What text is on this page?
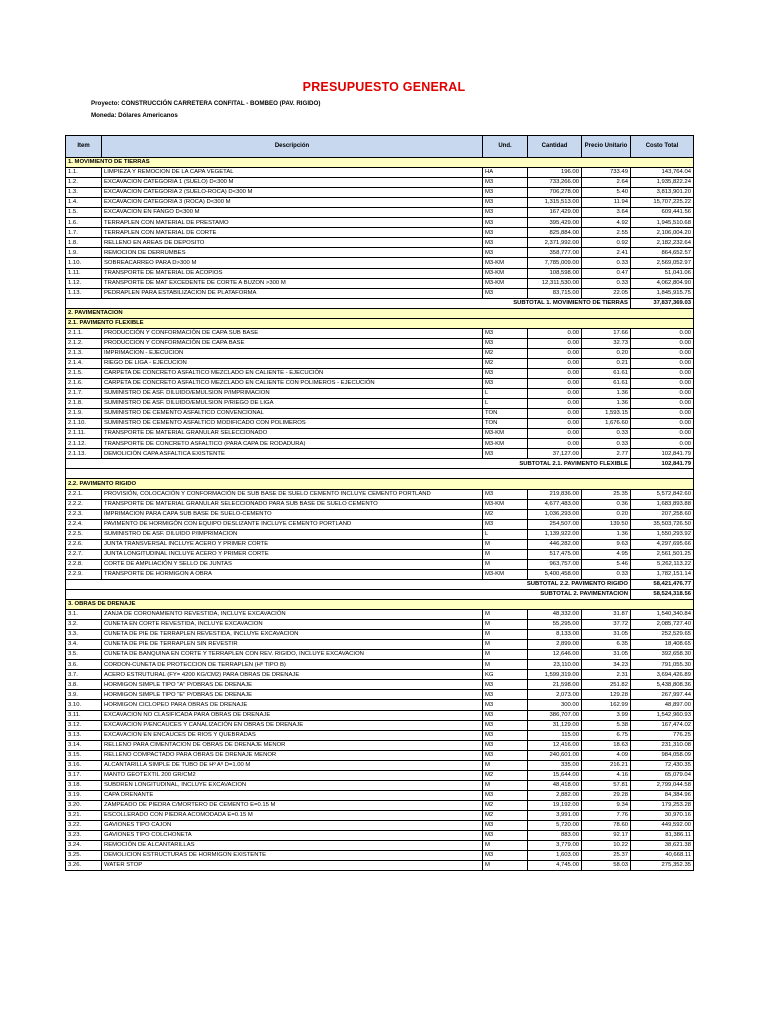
PRESUPUESTO GENERAL
Proyecto: CONSTRUCCIÓN CARRETERA CONFITAL - BOMBEO (PAV. RIGIDO)
Moneda: Dólares Americanos
Item	Descripción	Und.	Cantidad	Precio Unitario	Costo Total
1. MOVIMIENTO DE TIERRAS					
1.1.	LIMPIEZA Y REMOCION DE LA CAPA VEGETAL	HA	196.00	733.49	143,764.04
1.2.	EXCAVACION CATEGORIA 1 (SUELO) D<300 M	M3	733,266.00	2.64	1,935,822.24
1.3.	EXCAVACION CATEGORIA 2 (SUELO-ROCA) D<300 M	M3	706,278.00	5.40	3,813,901.20
1.4.	EXCAVACION CATEGORIA 3 (ROCA) D<300 M	M3	1,315,513.00	11.94	15,707,225.22
1.5.	EXCAVACION EN FANGO D<300 M	M3	167,429.00	3.64	609,441.56
1.6.	TERRAPLEN CON MATERIAL DE PRESTAMO	M3	395,429.00	4.92	1,945,510.68
1.7.	TERRAPLEN CON MATERIAL DE CORTE	M3	825,884.00	2.55	2,106,004.20
1.8.	RELLENO EN AREAS DE DEPOSITO	M3	2,371,992.00	0.92	2,182,232.64
1.9.	REMOCION DE DERRUMBES	M3	358,777.00	2.41	864,652.57
1.10.	SOBREACARREO PARA D>300 M	M3-KM	7,785,009.00	0.33	2,569,052.97
1.11.	TRANSPORTE DE MATERIAL DE ACOPIOS	M3-KM	108,598.00	0.47	51,041.06
1.12.	TRANSPORTE DE MAT EXCEDENTE DE CORTE A BUZON >300 M	M3-KM	12,311,530.00	0.33	4,062,804.90
1.13.	PEDRAPLEN PARA ESTABILIZACION DE PLATAFORMA	M3	83,715.00	22.05	1,845,915.75
		SUBTOTAL 1. MOVIMIENTO DE TIERRAS			37,837,369.03
2. PAVIMENTACION					
2.1. PAVIMENTO FLEXIBLE					
2.1.1.	PRODUCCIÓN Y CONFORMACIÓN DE CAPA SUB BASE	M3	0.00	17.66	0.00
2.1.2.	PRODUCCION Y CONFORMACIÓN DE CAPA BASE	M3	0.00	32.73	0.00
2.1.3.	IMPRIMACION - EJECUCION	M2	0.00	0.20	0.00
2.1.4.	RIEGO DE LIGA - EJECUCION	M2	0.00	0.21	0.00
2.1.5.	CARPETA DE CONCRETO ASFALTICO MEZCLADO EN CALIENTE - EJECUCIÓN	M3	0.00	61.61	0.00
2.1.6.	CARPETA DE CONCRETO ASFALTICO MEZCLADO EN CALIENTE CON POLIMEROS - EJECUCIÓN	M3	0.00	61.61	0.00
2.1.7.	SUMINISTRO DE ASF. DILUIDO/EMULSION P/IMPRIMACION	L	0.00	1.36	0.00
2.1.8.	SUMINISTRO DE ASF. DILUIDO/EMULSION P/RIEGO DE LIGA	L	0.00	1.36	0.00
2.1.9.	SUMINISTRO DE CEMENTO ASFALTICO CONVENCIONAL	TON	0.00	1,593.15	0.00
2.1.10.	SUMINISTRO DE CEMENTO ASFALTICO MODIFICADO CON POLIMEROS	TON	0.00	1,676.60	0.00
2.1.11.	TRANSPORTE DE MATERIAL GRANULAR SELECCIONADO	M3-KM	0.00	0.33	0.00
2.1.12.	TRANSPORTE DE CONCRETO ASFALTICO (PARA CAPA DE RODADURA)	M3-KM	0.00	0.33	0.00
2.1.13.	DEMOLICIÓN CAPA ASFALTICA EXISTENTE	M3	37,127.00	2.77	102,841.79
		SUBTOTAL 2.1. PAVIMENTO FLEXIBLE			102,841.79

2.2. PAVIMENTO RIGIDO					
2.2.1.	PROVISIÓN, COLOCACIÓN Y CONFORMACIÓN DE SUB BASE DE SUELO CEMENTO INCLUYE CEMENTO PORTLAND	M3	219,836.00	25.35	5,572,842.60
2.2.2.	TRANSPORTE DE MATERIAL GRANULAR SELECCIONADO PARA SUB BASE DE SUELO CEMENTO	M3-KM	4,677,483.00	0.36	1,683,893.88
2.2.3.	IMPRIMACION PARA CAPA SUB BASE DE SUELO-CEMENTO	M2	1,036,293.00	0.20	207,258.60
2.2.4.	PAVIMENTO DE HORMIGÓN CON EQUIPO DESLIZANTE INCLUYE CEMENTO PORTLAND	M3	254,507.00	139.50	35,503,726.50
2.2.5.	SUMINISTRO DE ASF. DILUIDO P/IMPRIMACION	L	1,139,922.00	1.36	1,550,293.92
2.2.6.	JUNTA TRANSVERSAL INCLUYE ACERO Y PRIMER CORTE	M	446,282.00	9.63	4,297,695.66
2.2.7.	JUNTA LONGITUDINAL INCLUYE ACERO Y PRIMER CORTE	M	517,475.00	4.95	2,561,501.25
2.2.8.	CORTE DE AMPLIACIÓN Y SELLO DE JUNTAS	M	963,757.00	5.46	5,262,113.22
2.2.9.	TRANSPORTE DE HORMIGON A OBRA	M3-KM	5,400,458.00	0.33	1,782,151.14
		SUBTOTAL 2.2. PAVIMENTO RIGIDO			58,421,476.77
		SUBTOTAL 2. PAVIMENTACION			58,524,318.56
3. OBRAS DE DRENAJE					
3.1.	ZANJA DE CORONAMIENTO REVESTIDA, INCLUYE EXCAVACIÓN	M	48,332.00	31.87	1,540,340.84
3.2.	CUNETA EN CORTE REVESTIDA, INCLUYE EXCAVACION	M	55,295.00	37.72	2,085,727.40
3.3.	CUNETA DE PIE DE TERRAPLEN REVESTIDA, INCLUYE EXCAVACION	M	8,133.00	31.05	252,529.65
3.4.	CUNETA DE PIE DE TERRAPLEN SIN REVESTIR	M	2,899.00	6.35	18,408.65
3.5.	CUNETA DE BANQUINA EN CORTE Y TERRAPLEN CON REV. RIGIDO, INCLUYE EXCAVACION	M	12,646.00	31.05	392,658.30
3.6.	CORDON-CUNETA DE PROTECCION DE TERRAPLEN (Hº TIPO B)	M	23,110.00	34.23	791,055.30
3.7.	ACERO ESTRUTURAL (FY= 4200 KG/CM2) PARA OBRAS DE DRENAJE	KG	1,599,319.00	2.31	3,694,426.89
3.8.	HORMIGON SIMPLE TIPO "A" P/OBRAS DE DRENAJE	M3	21,598.00	251.82	5,438,808.36
3.9.	HORMIGON SIMPLE TIPO "E" P/OBRAS DE DRENAJE	M3	2,073.00	129.28	267,997.44
3.10.	HORMIGON CICLOPEO PARA OBRAS DE DRENAJE	M3	300.00	162.99	48,897.00
3.11.	EXCAVACION NO CLASIFICADA PARA OBRAS DE DRENAJE	M3	386,707.00	3.99	1,542,960.93
3.12.	EXCAVACION P/ENCAUCES Y CANALIZACIÓN EN OBRAS DE DRENAJE	M3	31,129.00	5.38	167,474.02
3.13.	EXCAVACION EN ENCAUCES DE RIOS Y QUEBRADAS	M3	115.00	6.75	776.25
3.14.	RELLENO PARA CIMENTACION DE OBRAS DE DRENAJE MENOR	M3	12,416.00	18.63	231,310.08
3.15.	RELLENO COMPACTADO PARA OBRAS DE DRENAJE MENOR	M3	240,601.00	4.09	984,058.09
3.16.	ALCANTARILLA SIMPLE DE TUBO DE Hº Aº D=1.00 M	M	335.00	216.21	72,430.35
3.17.	MANTO GEOTEXTIL 200 GR/CM2	M2	15,644.00	4.16	65,079.04
3.18.	SUBDREN LONGITUDINAL, INCLUYE EXCAVACION	M	48,418.00	57.81	2,799,044.58
3.19.	CAPA DRENANTE	M3	2,882.00	29.28	84,384.96
3.20.	ZAMPEADO DE PIEDRA C/MORTERO DE CEMENTO E=0.15 M	M2	19,192.00	9.34	179,253.28
3.21.	ESCOLLERADO CON PIEDRA ACOMODADA E=0.15 M	M2	3,991.00	7.76	30,970.16
3.22.	GAVIONES TIPO CAJON	M3	5,720.00	78.60	449,592.00
3.23.	GAVIONES TIPO COLCHONETA	M3	883.00	92.17	81,386.11
3.24.	REMOCIÓN DE ALCANTARILLAS	M	3,779.00	10.22	38,621.38
3.25.	DEMOLICION ESTRUCTURAS DE HORMIGON EXISTENTE	M3	1,603.00	25.37	40,668.11
3.26.	WATER STOP	M	4,745.00	58.03	275,352.35
